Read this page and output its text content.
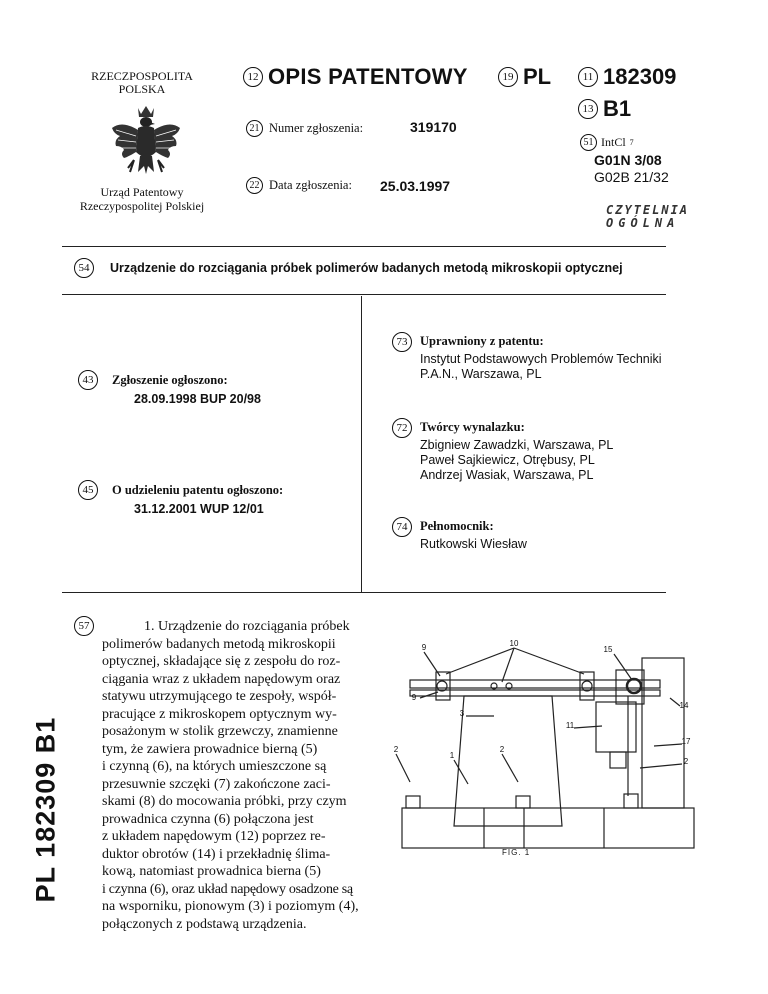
RZECZPOSPOLITA
POLSKA
Urząd Patentowy
Rzeczypospolitej Polskiej
12 OPIS PATENTOWY	19 PL	11 182309
13 B1
21 Numer zgłoszenia:	319170
22 Data zgłoszenia: 25.03.1997
51 IntCl 7
G01N 3/08
G02B 21/32
CZYTELNIA
OGÓLNA
54	Urządzenie do rozciągania próbek polimerów badanych metodą mikroskopii optycznej
43	Zgłoszenie ogłoszono:
28.09.1998 BUP 20/98
45	O udzieleniu patentu ogłoszono:
31.12.2001 WUP 12/01
73	Uprawniony z patentu:
Instytut Podstawowych Problemów Techniki
P.A.N., Warszawa, PL
72	Twórcy wynalazku:
Zbigniew Zawadzki, Warszawa, PL
Paweł Sajkiewicz, Otrębusy, PL
Andrzej Wasiak, Warszawa, PL
74	Pełnomocnik:
Rutkowski Wiesław
PL 182309 B1
57	1. Urządzenie do rozciągania próbek
polimerów badanych metodą mikroskopii
optycznej, składające się z zespołu do roz-
ciągania wraz z układem napędowym oraz
statywu utrzymującego te zespoły, współ-
pracujące z mikroskopem optycznym wy-
posażonym w stolik grzewczy, znamienne
tym, że zawiera prowadnice bierną (5)
i czynną (6), na których umieszczone są
przesuwnie szczęki (7) zakończone zaci-
skami (8) do mocowania próbki, przy czym
prowadnica czynna (6) połączona jest
z układem napędowym (12) poprzez re-
duktor obrotów (14) i przekładnię ślima-
kową, natomiast prowadnica bierna (5)
i czynna (6), oraz układ napędowy osadzone są
na wsporniku, pionowym (3) i poziomym (4),
połączonych z podstawą urządzenia.
9	10
15
9
3
11
14
17
2
1
2
2
FIG. 1
